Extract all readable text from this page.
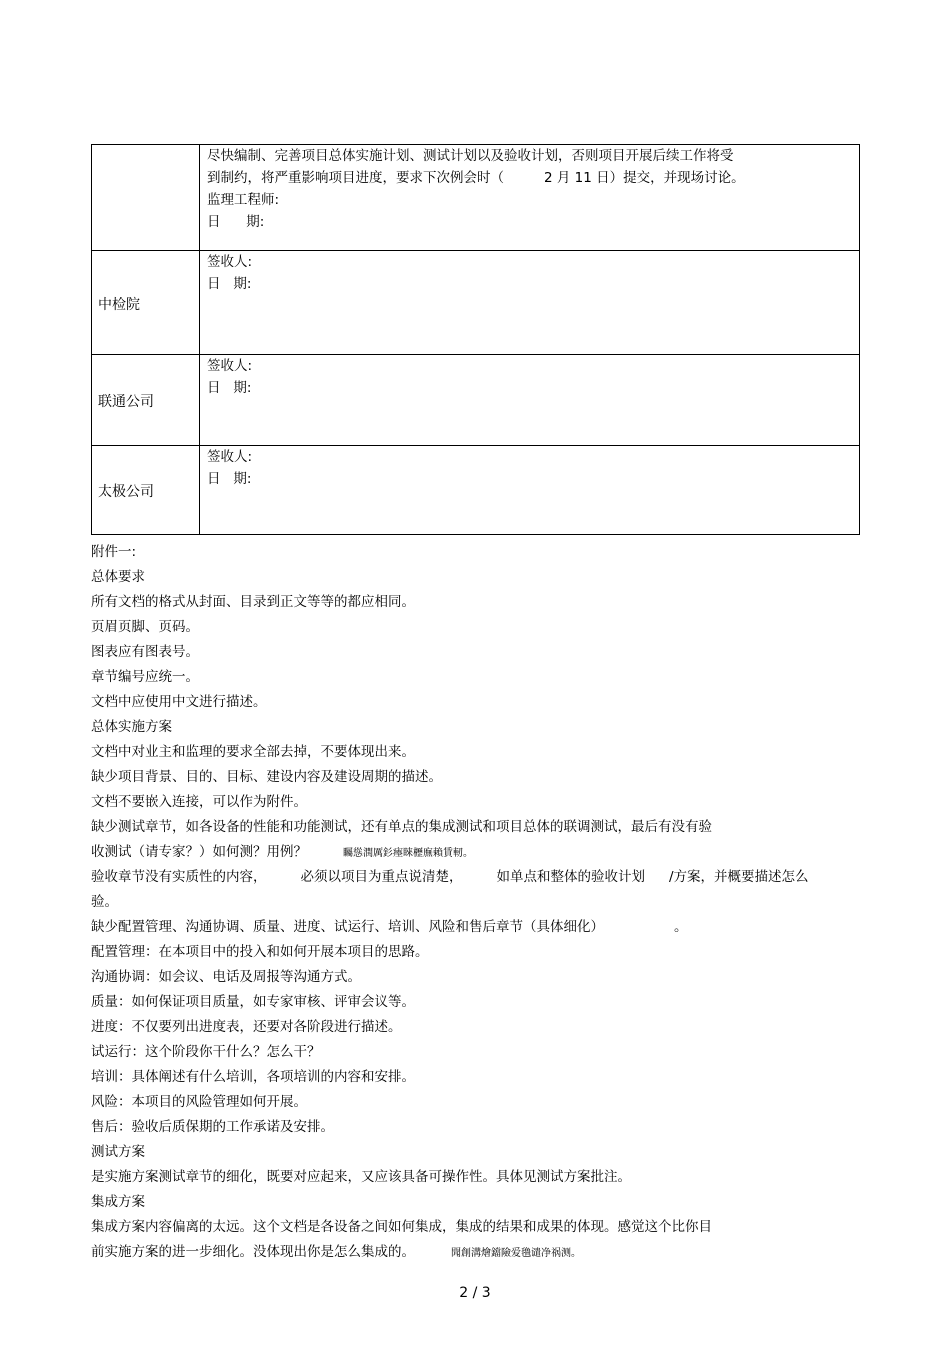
	尽快编制、完善项目总体实施计划、测试计划以及验收计划，否则项目开展后续工作将受
到制约，将严重影响项目进度，要求下次例会时（ 2 月 11 日）提交，并现场讨论。
监理工程师:
日      期:

中检院	签收人:
日   期:

联通公司	签收人:
日   期:

太极公司	签收人:
日   期:
附件一:
总体要求
所有文档的格式从封面、目录到正文等等的都应相同。
页眉页脚、页码。
图表应有图表号。
章节编号应统一。
文档中应使用中文进行描述。
总体实施方案
文档中对业主和监理的要求全部去掉，不要体现出来。
缺少项目背景、目的、目标、建设内容及建设周期的描述。
文档不要嵌入连接，可以作为附件。
缺少测试章节，如各设备的性能和功能测试，还有单点的集成测试和项目总体的联调测试，最后有没有验
收测试（请专家？）如何测？用例？	矚慫潤厲釤瘞睞櫪廡賴賃軔。
验收章节没有实质性的内容，	必须以项目为重点说清楚，	如单点和整体的验收计划 /方案，并概要描述怎么
验。
缺少配置管理、沟通协调、质量、进度、试运行、培训、风险和售后章节（具体细化）	。
配置管理：在本项目中的投入和如何开展本项目的思路。
沟通协调：如会议、电话及周报等沟通方式。
质量：如何保证项目质量，如专家审核、评审会议等。
进度：不仅要列出进度表，还要对各阶段进行描述。
试运行：这个阶段你干什么？怎么干？
培训：具体阐述有什么培训，各项培训的内容和安排。
风险：本项目的风险管理如何开展。
售后：验收后质保期的工作承诺及安排。
测试方案
是实施方案测试章节的细化，既要对应起来，又应该具备可操作性。具体见测试方案批注。
集成方案
集成方案内容偏离的太远。这个文档是各设备之间如何集成，集成的结果和成果的体现。感觉这个比你目
前实施方案的进一步细化。没体现出你是怎么集成的。	聞創溝燴鐺險爱氇谴净祸测。
2 / 3
